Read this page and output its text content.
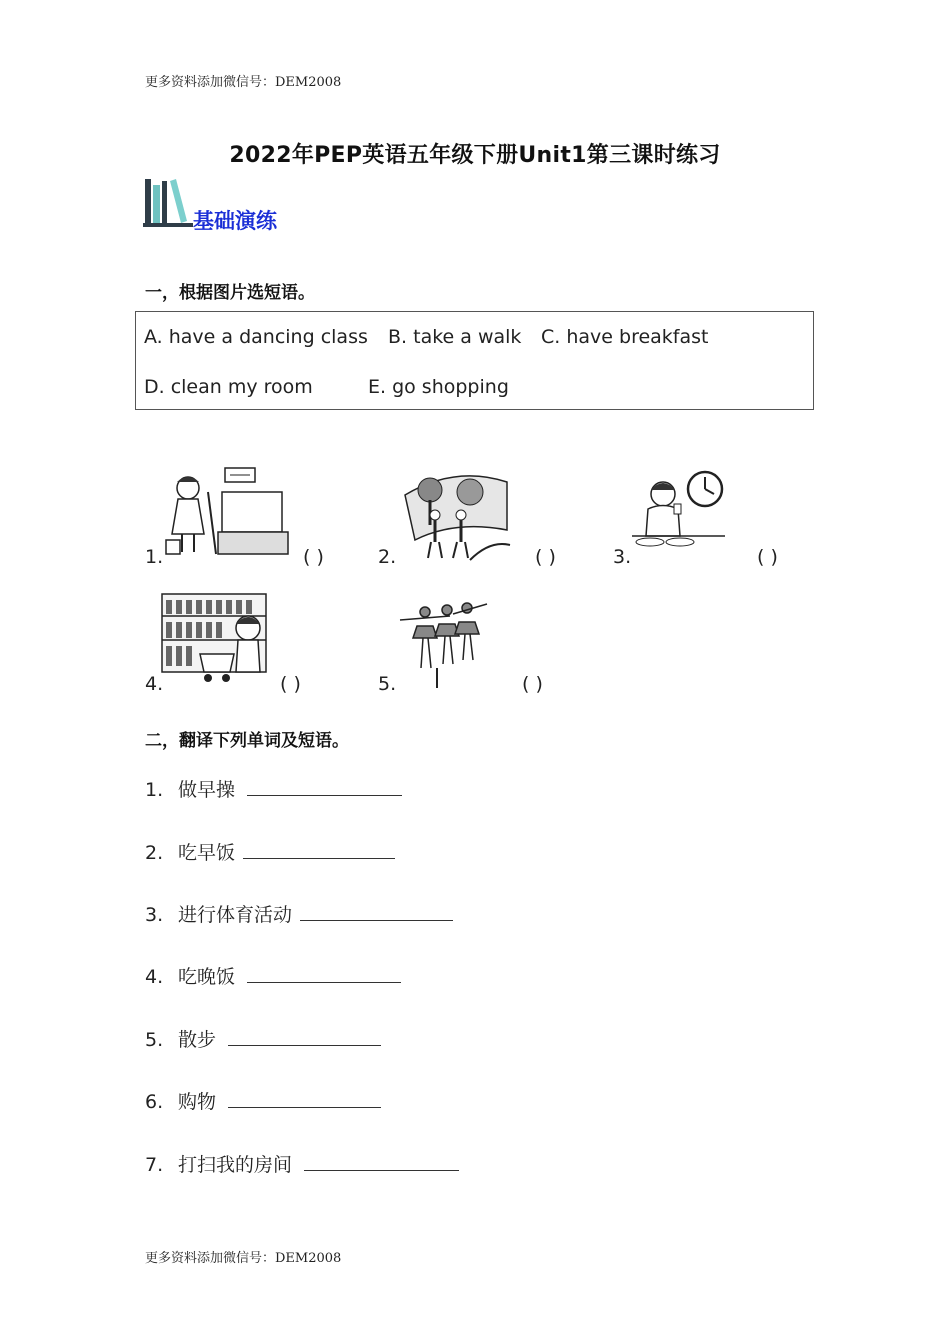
更多资料添加微信号：DEM2008
2022年PEP英语五年级下册Unit1第三课时练习
基础演练
一，根据图片选短语。
A. have a dancing class B. take a walk C. have breakfast
D. clean my room	E. go shopping
1.	( )	2.	( )	3.	( )
4.	( )	5.	( )
二，翻译下列单词及短语。
1. 做早操
2. 吃早饭
3. 进行体育活动
4. 吃晚饭
5. 散步
6. 购物
7. 打扫我的房间
更多资料添加微信号：DEM2008
